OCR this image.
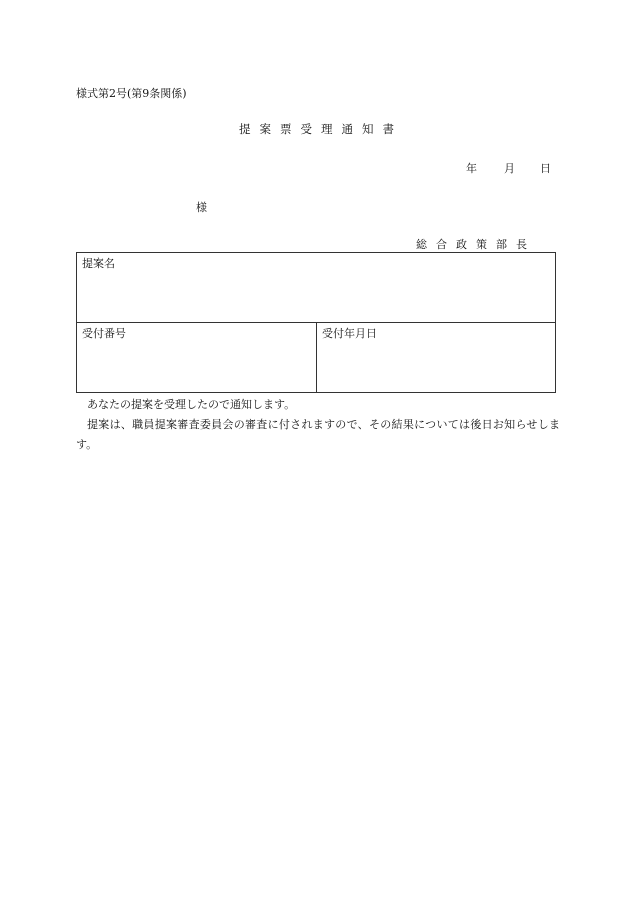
様式第2号(第9条関係)
提案票受理通知書
年 月 日
様
総合政策部長
提案名
受付番号	受付年月日

あなたの提案を受理したので通知します。

提案は、職員提案審査委員会の審査に付されますので、その結果については後日お知らせします。
